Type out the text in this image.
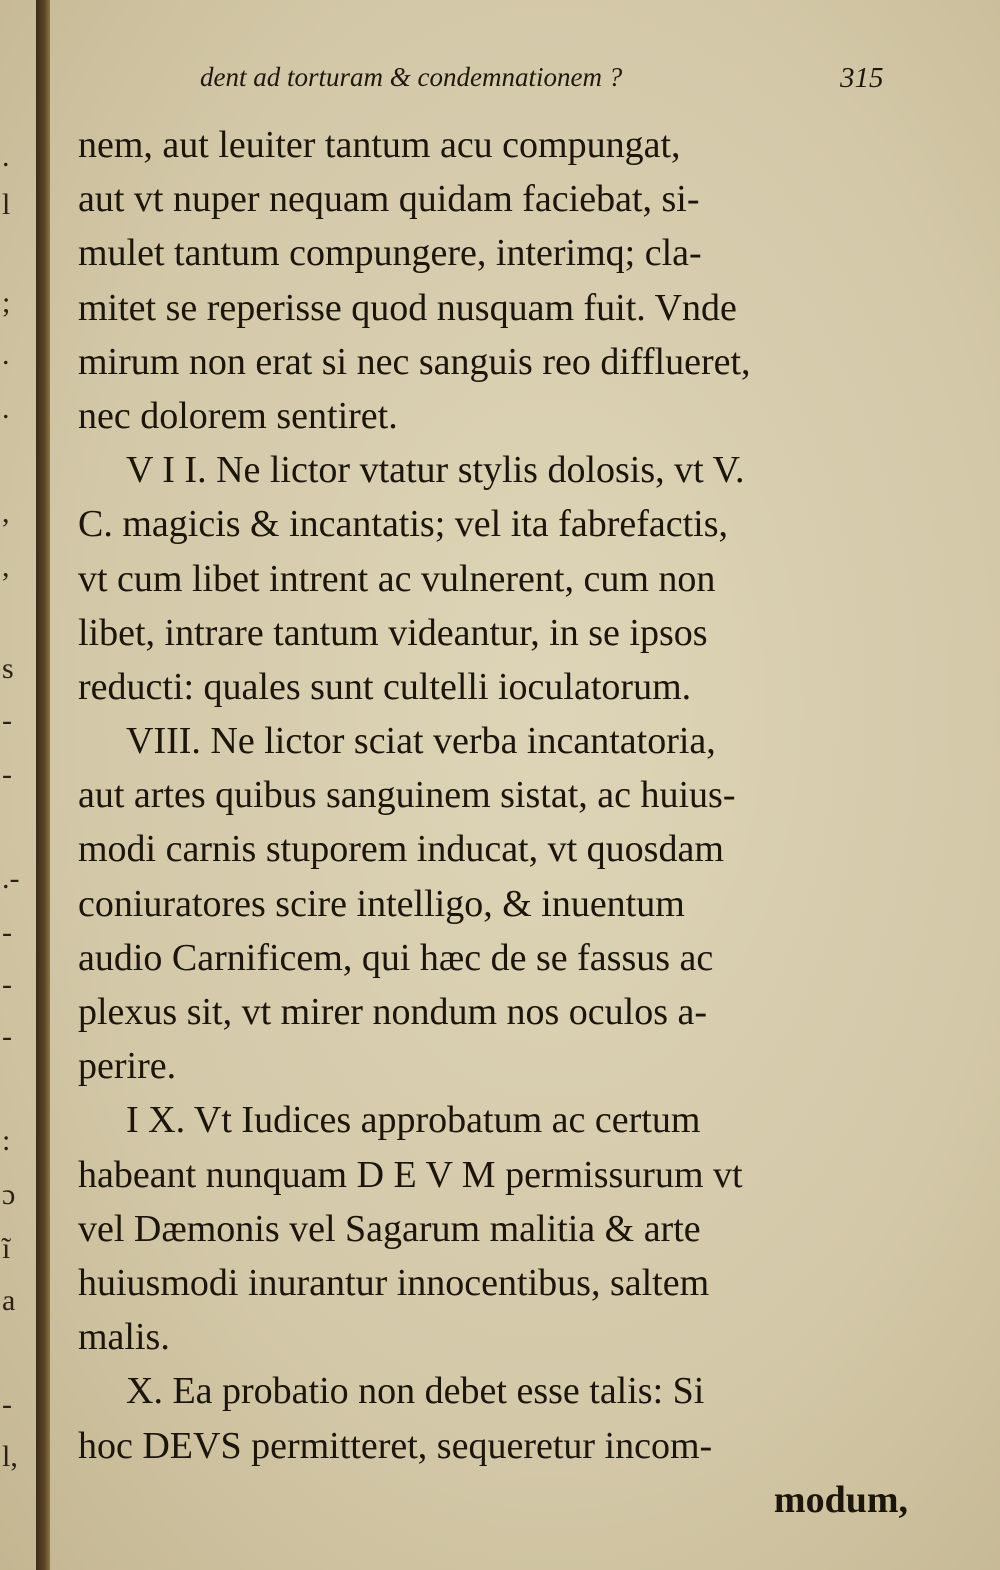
.
l
;
.
.
,
,
s
-
-
.-
-
-
-
:
ɔ
ĩ
a
-
l,
dent ad torturam & condemnationem ?	315
nem, aut leuiter tantum acu compungat,
aut vt nuper nequam quidam faciebat, si-
mulet tantum compungere, interimq; cla-
mitet se reperisse quod nusquam fuit. Vnde
mirum non erat si nec sanguis reo difflueret,
nec dolorem sentiret.
V I I. Ne lictor vtatur stylis dolosis, vt V.
C. magicis & incantatis; vel ita fabrefactis,
vt cum libet intrent ac vulnerent, cum non
libet, intrare tantum videantur, in se ipsos
reducti: quales sunt cultelli ioculatorum.
VIII. Ne lictor sciat verba incantatoria,
aut artes quibus sanguinem sistat, ac huius-
modi carnis stuporem inducat, vt quosdam
coniuratores scire intelligo, & inuentum
audio Carnificem, qui hæc de se fassus ac
plexus sit, vt mirer nondum nos oculos a-
perire.
I X. Vt Iudices approbatum ac certum
habeant nunquam D E V M permissurum vt
vel Dæmonis vel Sagarum malitia & arte
huiusmodi inurantur innocentibus, saltem
malis.
X. Ea probatio non debet esse talis: Si
hoc DEVS permitteret, sequeretur incom-
modum,
